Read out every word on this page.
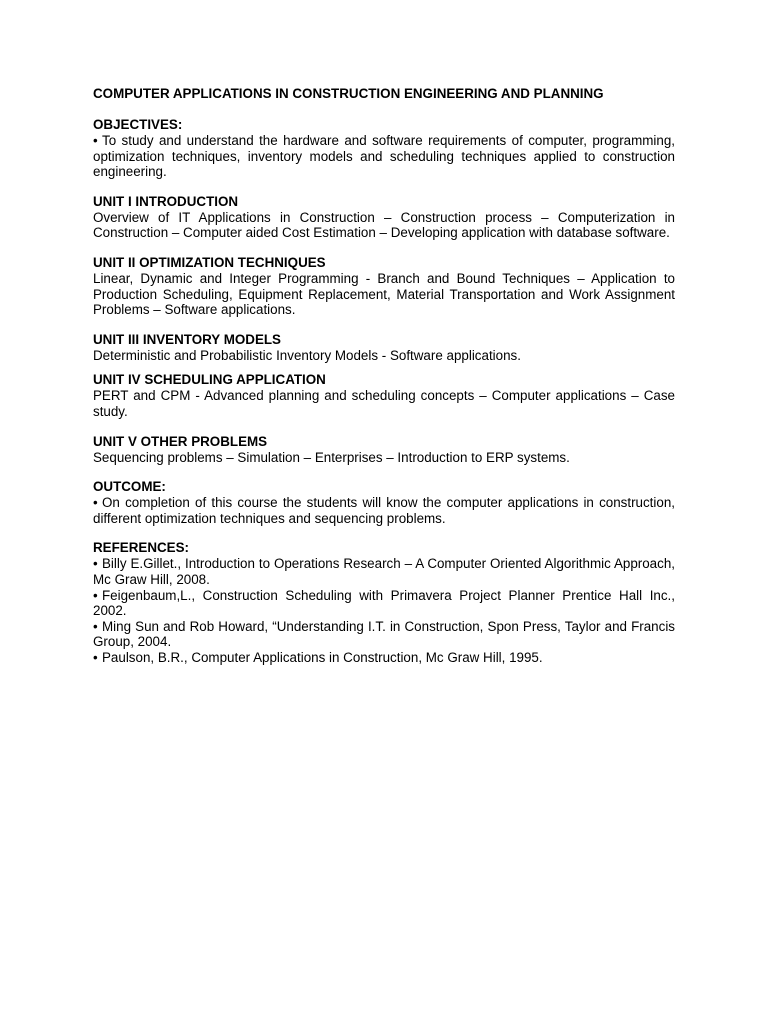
COMPUTER APPLICATIONS IN CONSTRUCTION ENGINEERING AND PLANNING
OBJECTIVES:
• To study and understand the hardware and software requirements of computer, programming, optimization techniques, inventory models and scheduling techniques applied to construction engineering.
UNIT I INTRODUCTION

Overview of IT Applications in Construction – Construction process – Computerization in Construction – Computer aided Cost Estimation – Developing application with database software.

UNIT II OPTIMIZATION TECHNIQUES

Linear, Dynamic and Integer Programming - Branch and Bound Techniques – Application to Production Scheduling, Equipment Replacement, Material Transportation and Work Assignment Problems – Software applications.

UNIT III INVENTORY MODELS

Deterministic and Probabilistic Inventory Models - Software applications.

UNIT IV SCHEDULING APPLICATION

PERT and CPM - Advanced planning and scheduling concepts – Computer applications – Case study.

UNIT V OTHER PROBLEMS

Sequencing problems – Simulation – Enterprises – Introduction to ERP systems.

OUTCOME:
• On completion of this course the students will know the computer applications in construction, different optimization techniques and sequencing problems.
REFERENCES:
• Billy E.Gillet., Introduction to Operations Research – A Computer Oriented Algorithmic Approach, Mc Graw Hill, 2008.
• Feigenbaum,L., Construction Scheduling with Primavera Project Planner Prentice Hall Inc., 2002.
• Ming Sun and Rob Howard, “Understanding I.T. in Construction, Spon Press, Taylor and Francis Group, 2004.
• Paulson, B.R., Computer Applications in Construction, Mc Graw Hill, 1995.
